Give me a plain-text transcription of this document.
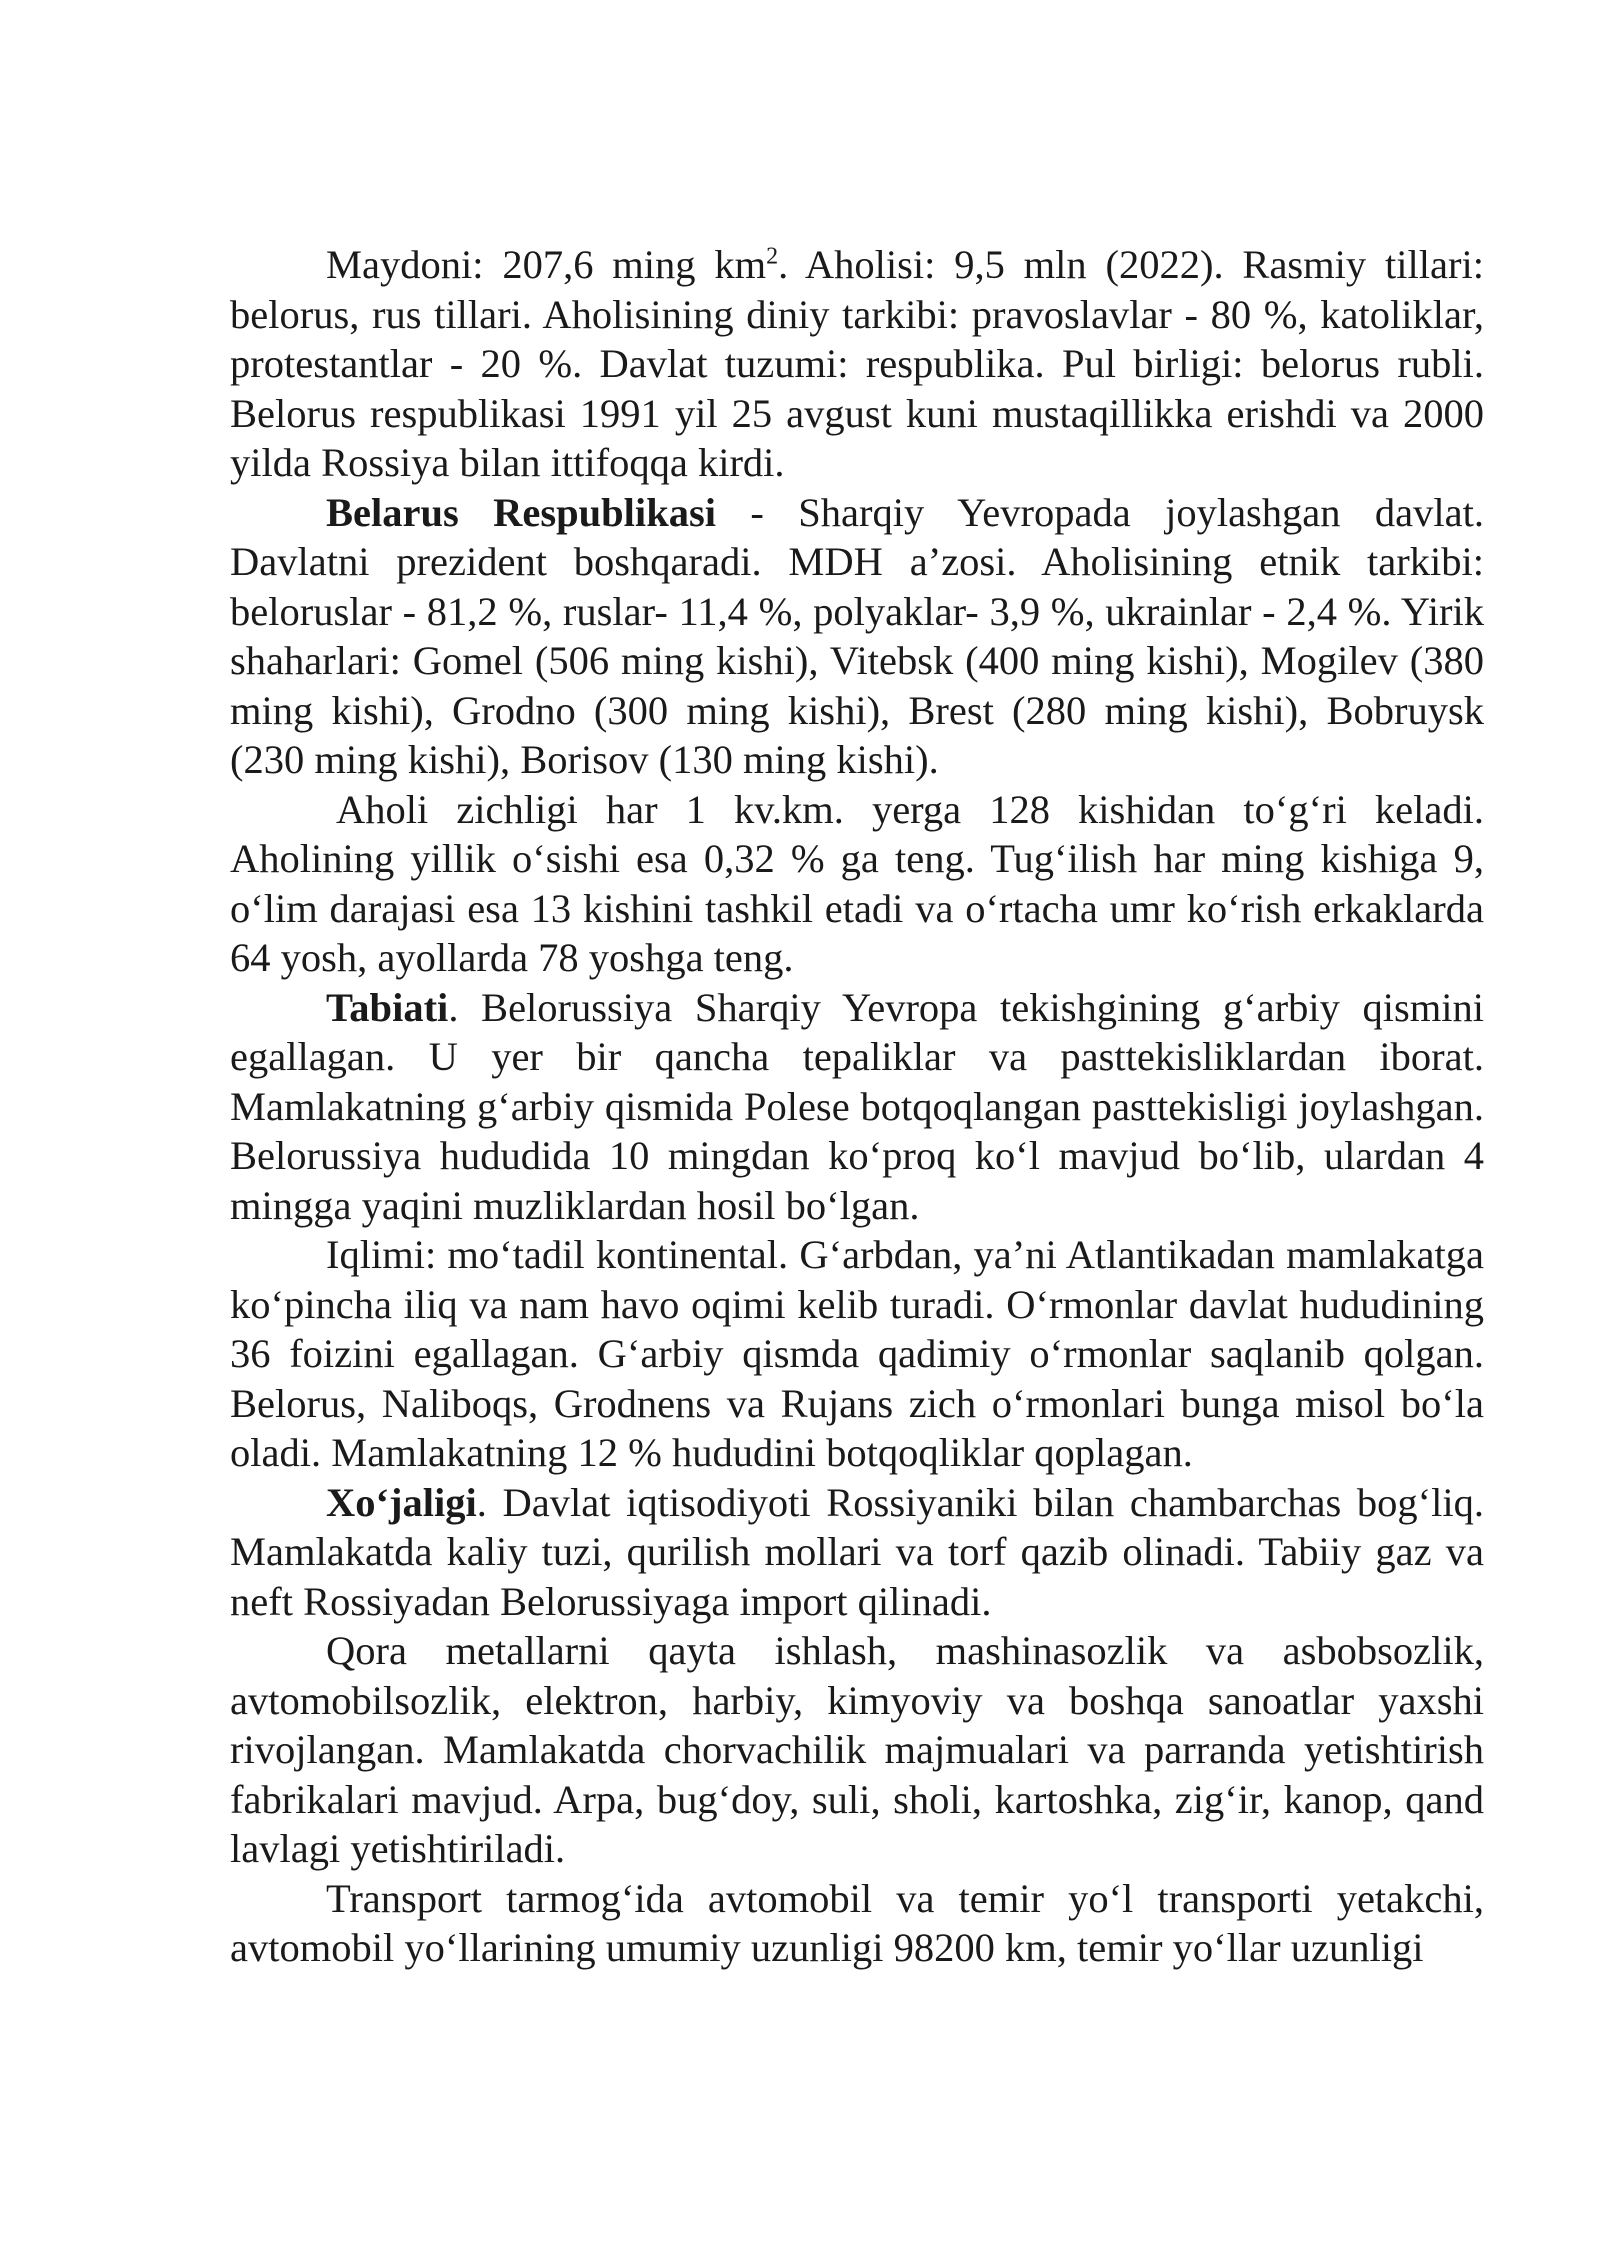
Maydoni: 207,6 ming $km^2$. Aholisi: 9,5 mln (2022). Rasmiy tillari: belorus, rus tillari. Aholisining diniy tarkibi: pravoslavlar - 80 %, katoliklar, protestantlar - 20 %. Davlat tuzumi: respublika. Pul birligi: belorus rubli. Belorus respublikasi 1991 yil 25 avgust kuni mustaqillikka erishdi va 2000 yilda Rossiya bilan ittifoqqa kirdi.

Belarus Respublikasi - Sharqiy Yevropada joylashgan davlat. Davlatni prezident boshqaradi. MDH a’zosi. Aholisining etnik tarkibi: beloruslar - 81,2 %, ruslar- 11,4 %, polyaklar- 3,9 %, ukrainlar - 2,4 %. Yirik shaharlari: Gomel (506 ming kishi), Vitebsk (400 ming kishi), Mogilev (380 ming kishi), Grodno (300 ming kishi), Brest (280 ming kishi), Bobruysk (230 ming kishi), Borisov (130 ming kishi).

Aholi zichligi har 1 kv.km. yerga 128 kishidan to‘g‘ri keladi. Aholining yillik o‘sishi esa 0,32 % ga teng. Tug‘ilish har ming kishiga 9, o‘lim darajasi esa 13 kishini tashkil etadi va o‘rtacha umr ko‘rish erkaklarda 64 yosh, ayollarda 78 yoshga teng.

Tabiati. Belorussiya Sharqiy Yevropa tekishgining g‘arbiy qismini egallagan. U yer bir qancha tepaliklar va pasttekisliklardan iborat. Mamlakatning g‘arbiy qismida Polese botqoqlangan pasttekisligi joylashgan. Belorussiya hududida 10 mingdan ko‘proq ko‘l mavjud bo‘lib, ulardan 4 mingga yaqini muzliklardan hosil bo‘lgan.

Iqlimi: mo‘tadil kontinental. G‘arbdan, ya’ni Atlantikadan mamlakatga ko‘pincha iliq va nam havo oqimi kelib turadi. O‘rmonlar davlat hududining 36 foizini egallagan. G‘arbiy qismda qadimiy o‘rmonlar saqlanib qolgan. Belorus, Naliboqs, Grodnens va Rujans zich o‘rmonlari bunga misol bo‘la oladi. Mamlakatning 12 % hududini botqoqliklar qoplagan.

Xo‘jaligi. Davlat iqtisodiyoti Rossiyaniki bilan chambarchas bog‘liq. Mamlakatda kaliy tuzi, qurilish mollari va torf qazib olinadi. Tabiiy gaz va neft Rossiyadan Belorussiyaga import qilinadi.

Qora metallarni qayta ishlash, mashinasozlik va asbobsozlik, avtomobilsozlik, elektron, harbiy, kimyoviy va boshqa sanoatlar yaxshi rivojlangan. Mamlakatda chorvachilik majmualari va parranda yetishtirish fabrikalari mavjud. Arpa, bug‘doy, suli, sholi, kartoshka, zig‘ir, kanop, qand lavlagi yetishtiriladi.

Transport tarmog‘ida avtomobil va temir yo‘l transporti yetakchi, avtomobil yo‘llarining umumiy uzunligi 98200 km, temir yo‘llar uzunligi
